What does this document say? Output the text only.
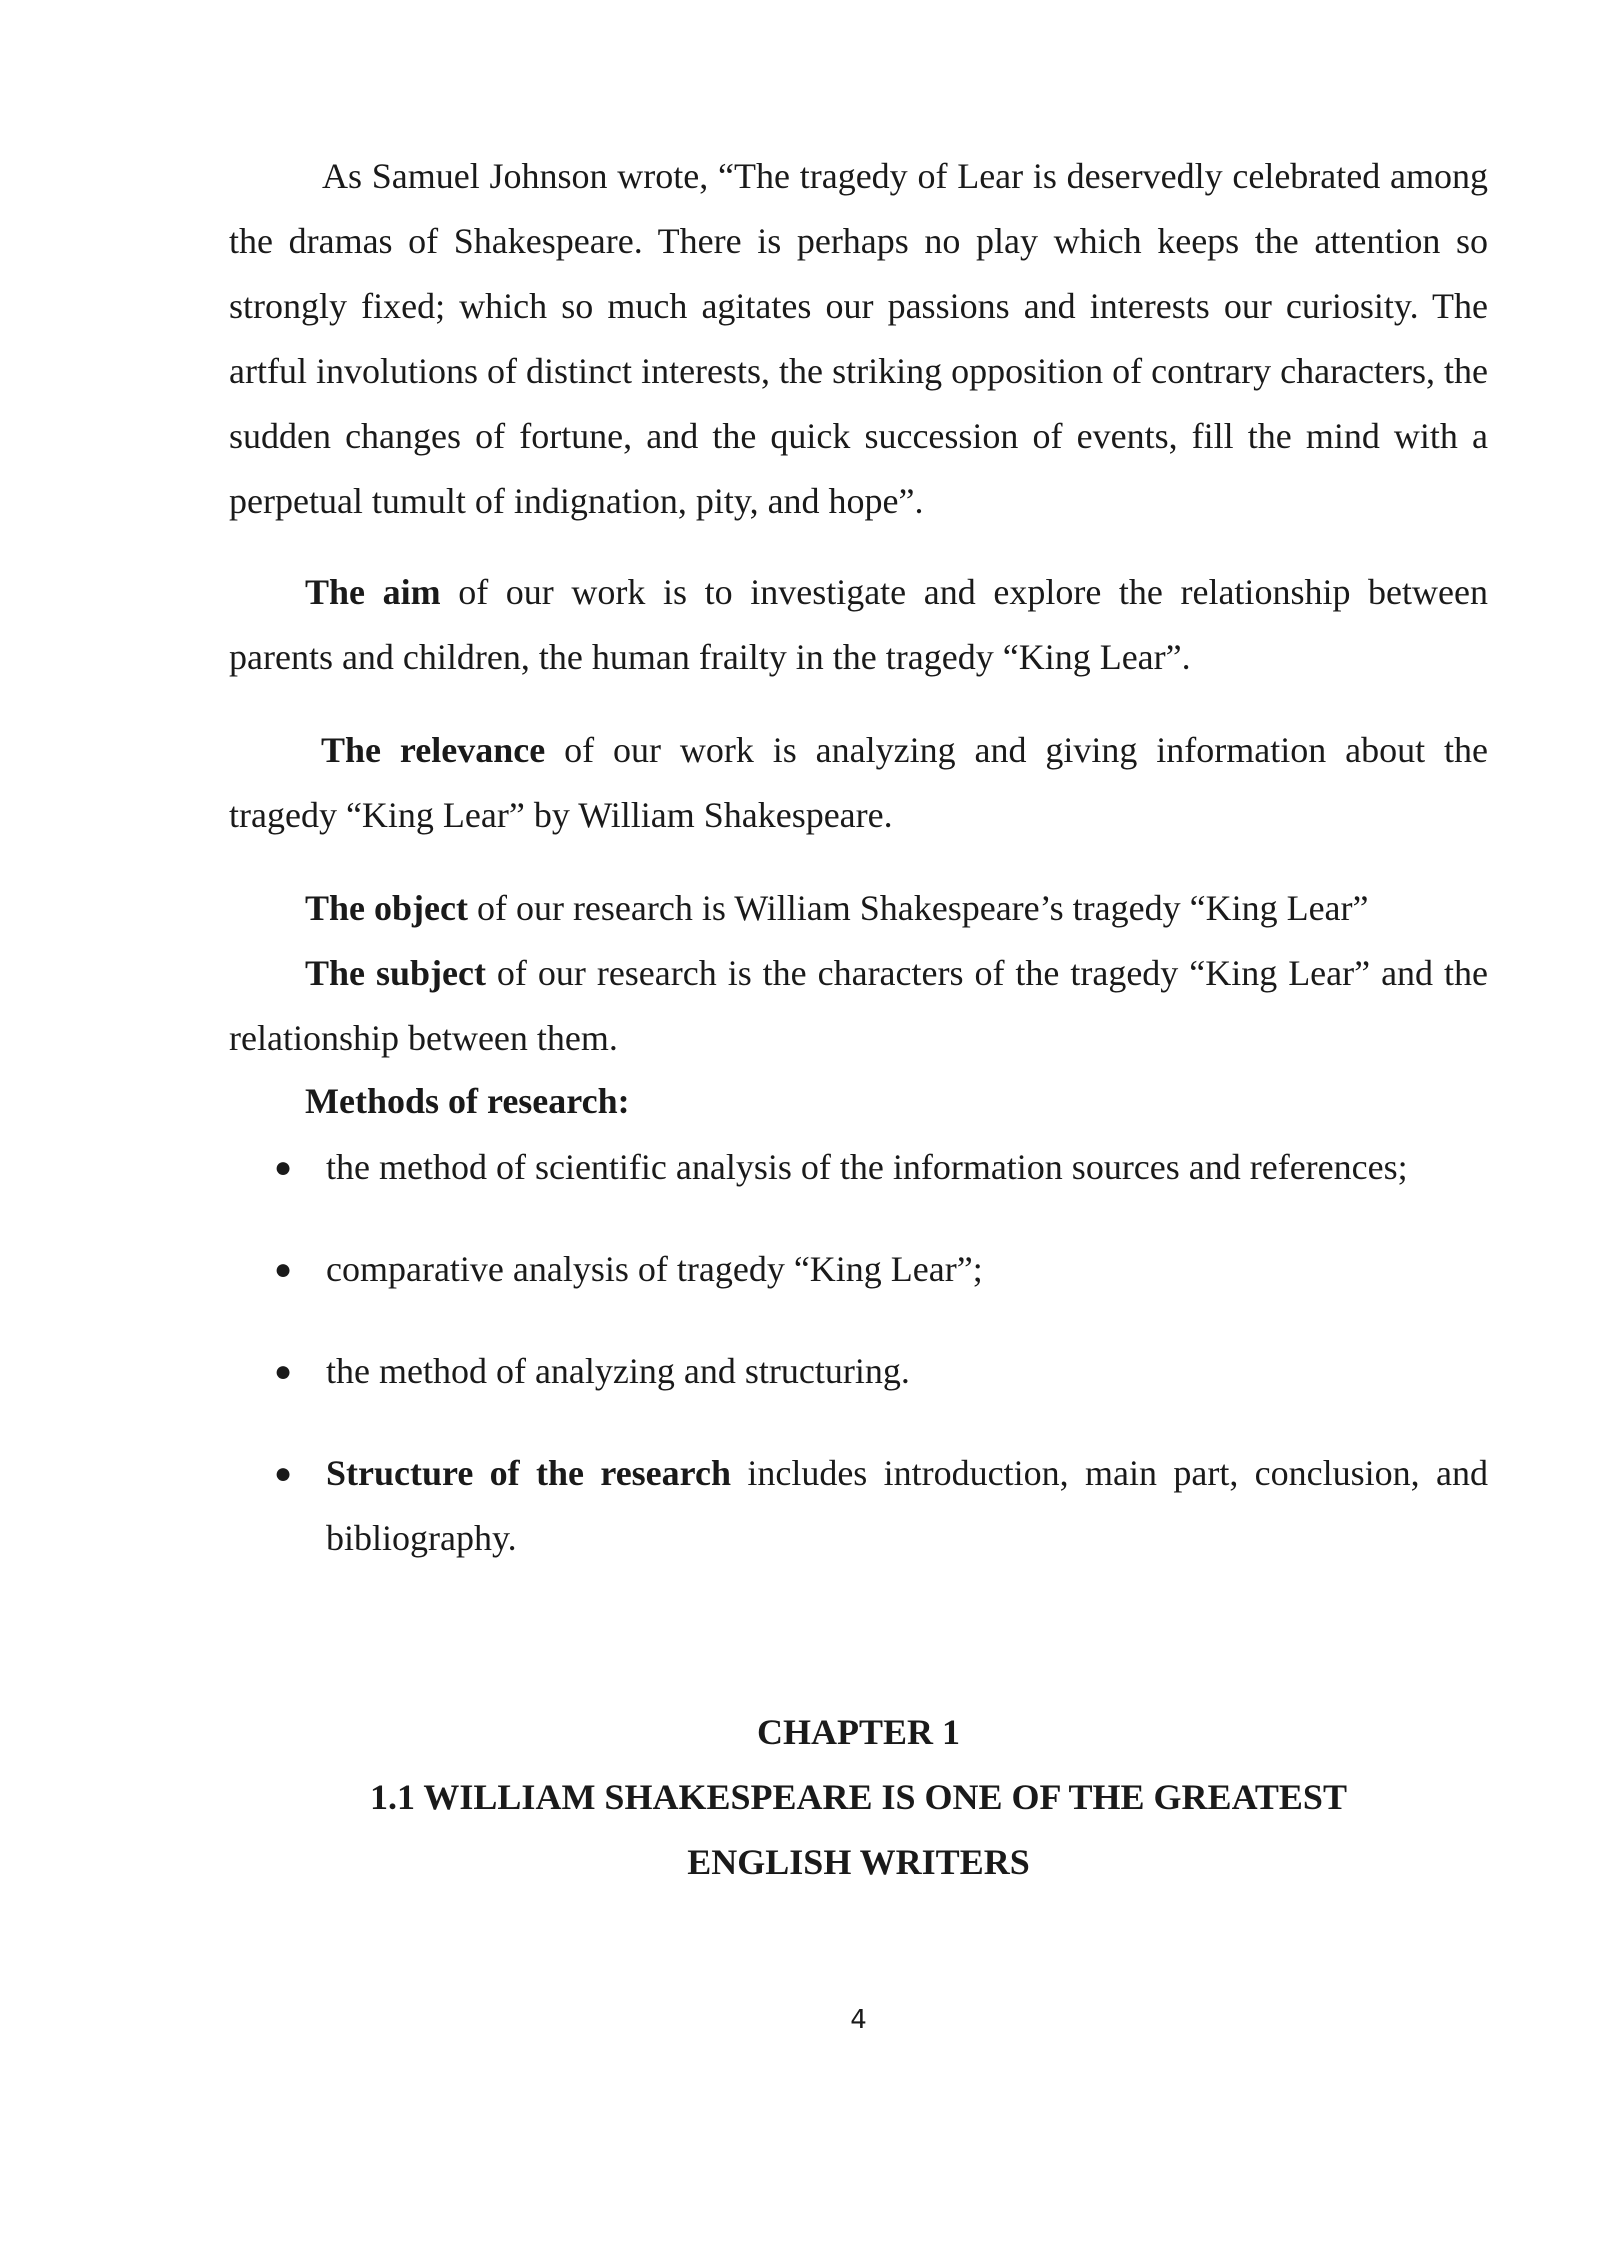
As Samuel Johnson wrote, “The tragedy of Lear is deservedly celebrated among the dramas of Shakespeare. There is perhaps no play which keeps the attention so strongly fixed; which so much agitates our passions and interests our curiosity. The artful involutions of distinct interests, the striking opposition of contrary characters, the sudden changes of fortune, and the quick succession of events, fill the mind with a perpetual tumult of indignation, pity, and hope”.

The aim of our work is to investigate and explore the relationship between parents and children, the human frailty in the tragedy “King Lear”.

The relevance of our work is analyzing and giving information about the tragedy “King Lear” by William Shakespeare.

The object of our research is William Shakespeare’s tragedy “King Lear”

The subject of our research is the characters of the tragedy “King Lear” and the relationship between them.

Methods of research:

● the method of scientific analysis of the information sources and references;
● comparative analysis of tragedy “King Lear”;
● the method of analyzing and structuring.
● Structure of the research includes introduction, main part, conclusion, and bibliography.
CHAPTER 1
1.1 WILLIAM SHAKESPEARE IS ONE OF THE GREATEST
ENGLISH WRITERS
4
